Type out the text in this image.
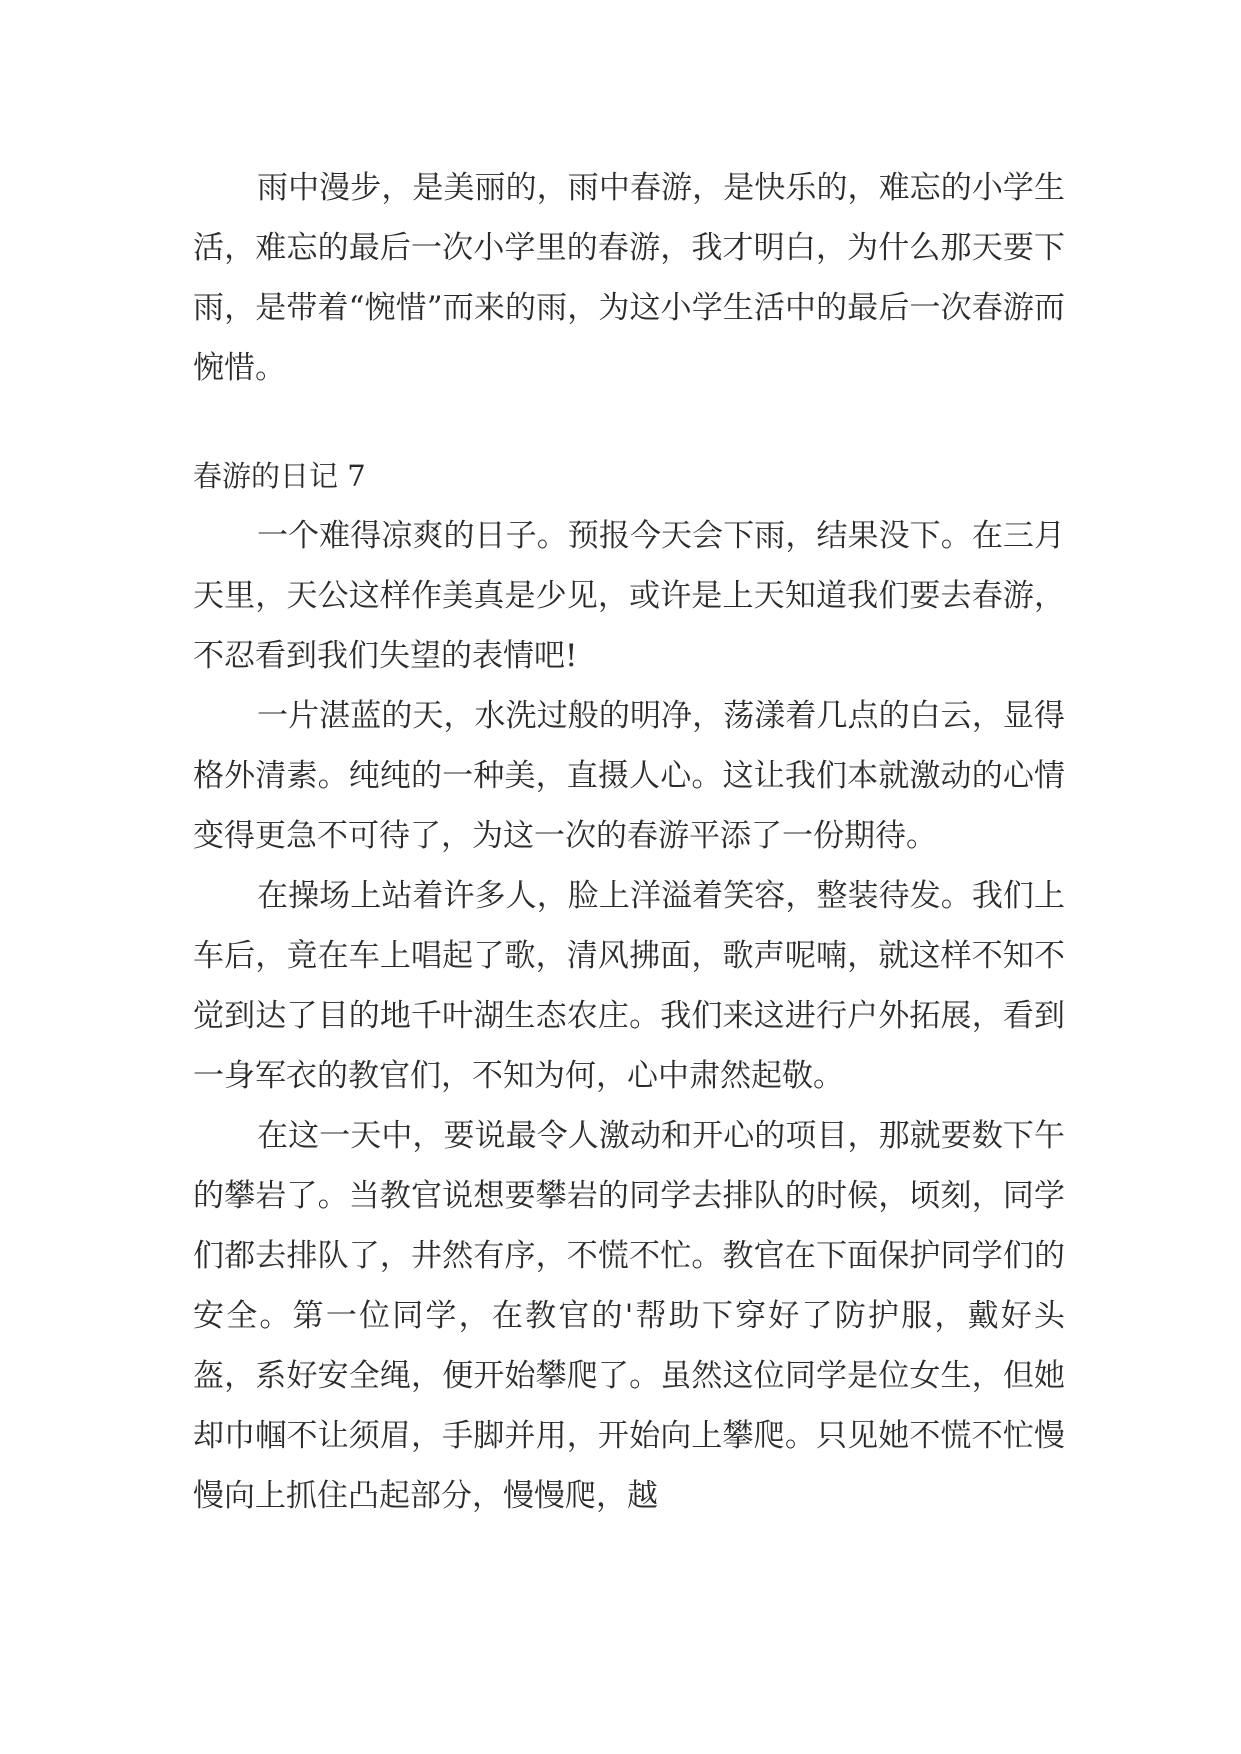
雨中漫步，是美丽的，雨中春游，是快乐的，难忘的小学生活，难忘的最后一次小学里的春游，我才明白，为什么那天要下雨，是带着“惋惜”而来的雨，为这小学生活中的最后一次春游而惋惜。

春游的日记 7

一个难得凉爽的日子。预报今天会下雨，结果没下。在三月天里，天公这样作美真是少见，或许是上天知道我们要去春游，不忍看到我们失望的表情吧!

一片湛蓝的天，水洗过般的明净，荡漾着几点的白云，显得格外清素。纯纯的一种美，直摄人心。这让我们本就激动的心情变得更急不可待了，为这一次的春游平添了一份期待。

在操场上站着许多人，脸上洋溢着笑容，整装待发。我们上车后，竟在车上唱起了歌，清风拂面，歌声呢喃，就这样不知不觉到达了目的地千叶湖生态农庄。我们来这进行户外拓展，看到一身军衣的教官们，不知为何，心中肃然起敬。

在这一天中，要说最令人激动和开心的项目，那就要数下午的攀岩了。当教官说想要攀岩的同学去排队的时候，顷刻，同学们都去排队了，井然有序，不慌不忙。教官在下面保护同学们的安全。第一位同学，在教官的'帮助下穿好了防护服，戴好头盔，系好安全绳，便开始攀爬了。虽然这位同学是位女生，但她却巾帼不让须眉，手脚并用，开始向上攀爬。只见她不慌不忙慢慢向上抓住凸起部分，慢慢爬，越
